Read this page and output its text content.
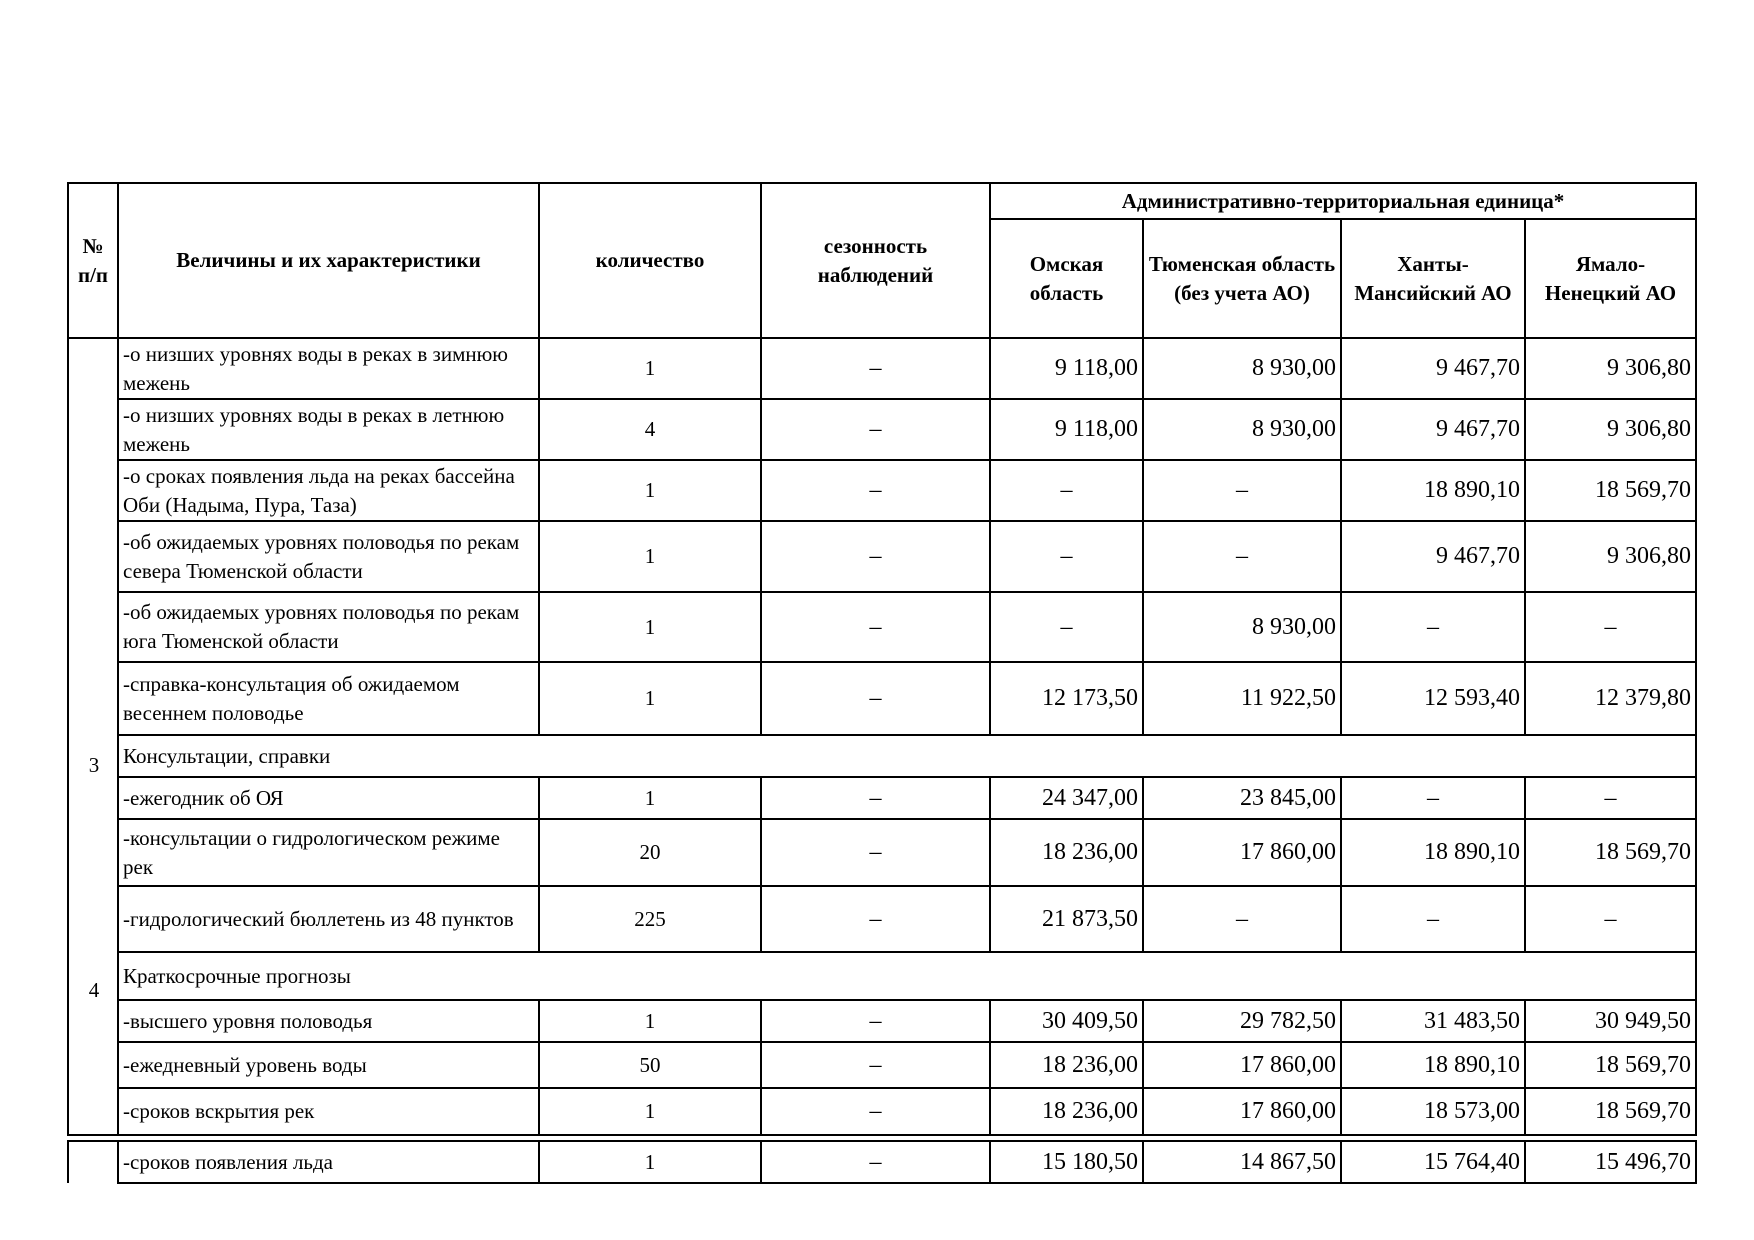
№ п/п	Величины и их характеристики	количество	сезонность наблюдений	Административно-территориальная единица*			
				Омская область	Тюменская область (без учета АО)	Ханты-Мансийский АО	Ямало-Ненецкий АО

	-о низших уровнях воды в реках в зимнюю межень	1	–	9 118,00	8 930,00	9 467,70	9 306,80
	-о низших уровнях воды в реках в летнюю межень	4	–	9 118,00	8 930,00	9 467,70	9 306,80
	-о сроках появления льда на реках бассейна Оби (Надыма, Пура, Таза)	1	–	–	–	18 890,10	18 569,70
	-об ожидаемых уровнях половодья по рекам севера Тюменской области	1	–	–	–	9 467,70	9 306,80
	-об ожидаемых уровнях половодья по рекам юга Тюменской области	1	–	–	8 930,00	–	–
	-справка-консультация об ожидаемом весеннем половодье	1	–	12 173,50	11 922,50	12 593,40	12 379,80
	Консультации, справки						
	-ежегодник об ОЯ	1	–	24 347,00	23 845,00	–	–
	-консультации о гидрологическом режиме рек	20	–	18 236,00	17 860,00	18 890,10	18 569,70
	-гидрологический бюллетень из 48 пунктов	225	–	21 873,50	–	–	–
	Краткосрочные прогнозы						
	-высшего уровня половодья	1	–	30 409,50	29 782,50	31 483,50	30 949,50
	-ежедневный уровень воды	50	–	18 236,00	17 860,00	18 890,10	18 569,70
	-сроков вскрытия рек	1	–	18 236,00	17 860,00	18 573,00	18 569,70
	-сроков появления льда	1	–	15 180,50	14 867,50	15 764,40	15 496,70
3
4
